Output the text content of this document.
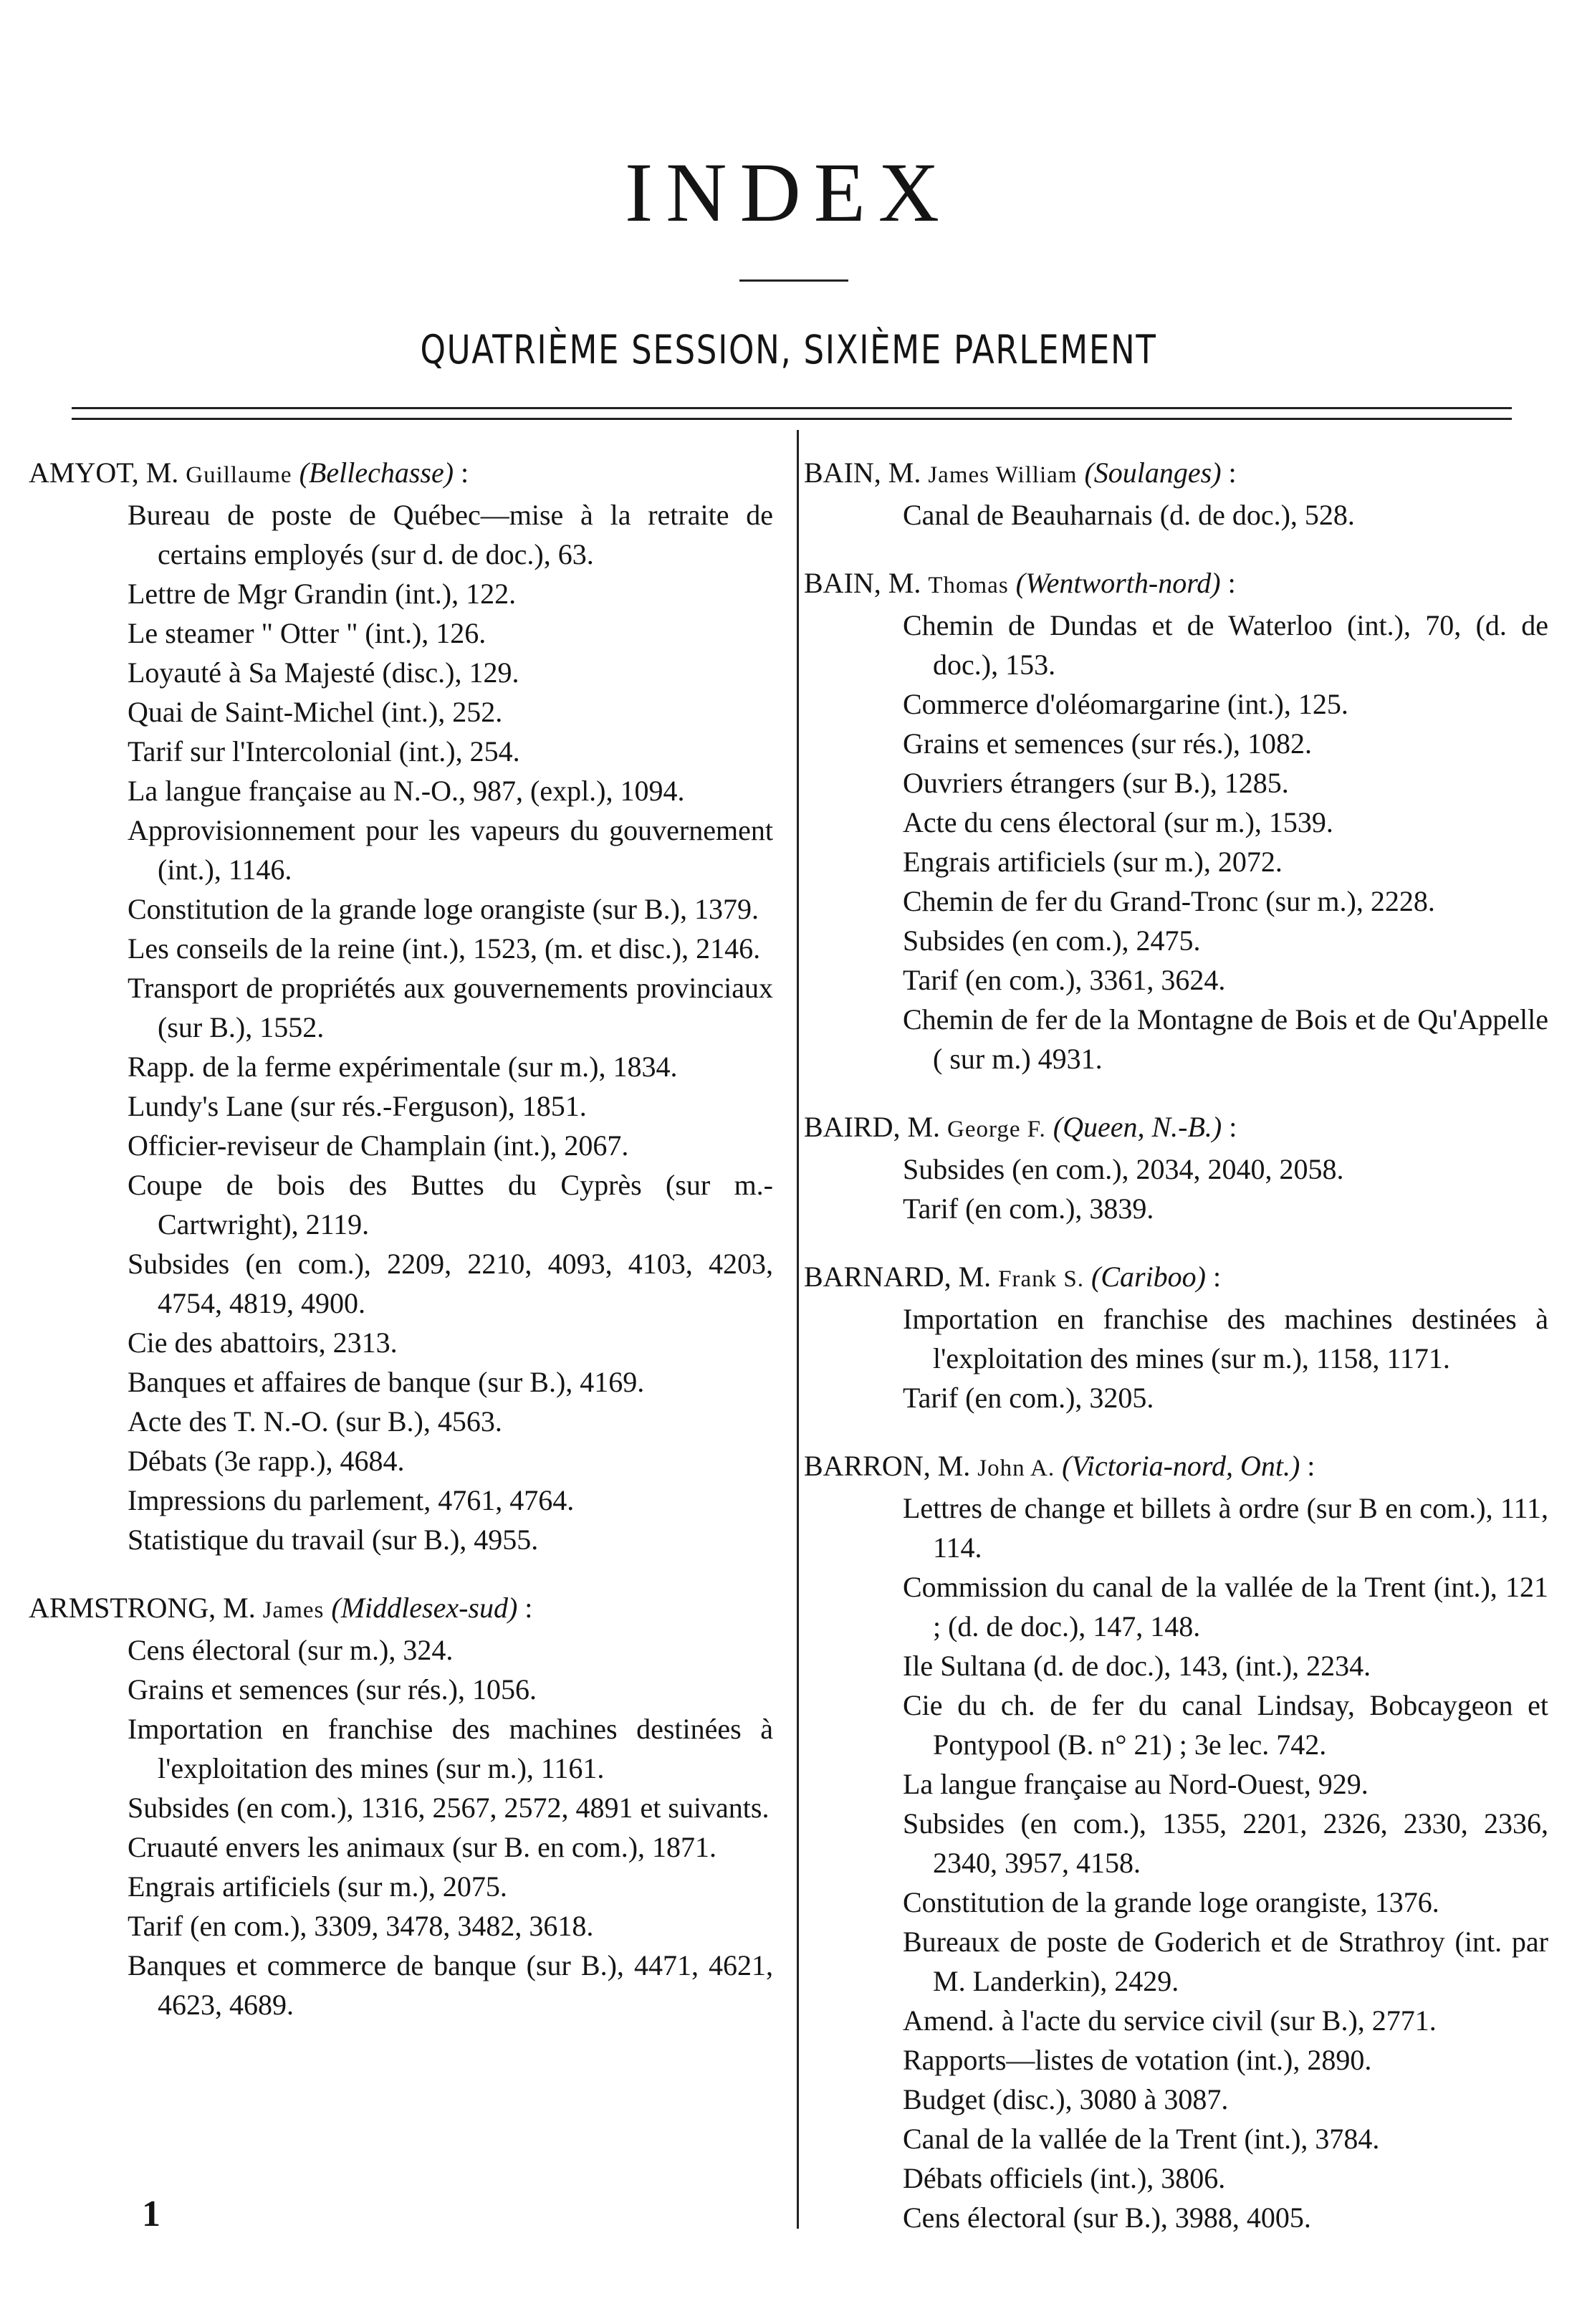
INDEX
QUATRIÈME SESSION, SIXIÈME PARLEMENT
AMYOT, M. Guillaume (Bellechasse) :
Bureau de poste de Québec—mise à la retraite de certains employés (sur d. de doc.), 63.
Lettre de Mgr Grandin (int.), 122.
Le steamer " Otter " (int.), 126.
Loyauté à Sa Majesté (disc.), 129.
Quai de Saint-Michel (int.), 252.
Tarif sur l'Intercolonial (int.), 254.
La langue française au N.-O., 987, (expl.), 1094.
Approvisionnement pour les vapeurs du gouvernement (int.), 1146.
Constitution de la grande loge orangiste (sur B.), 1379.
Les conseils de la reine (int.), 1523, (m. et disc.), 2146.
Transport de propriétés aux gouvernements provinciaux (sur B.), 1552.
Rapp. de la ferme expérimentale (sur m.), 1834.
Lundy's Lane (sur rés.-Ferguson), 1851.
Officier-reviseur de Champlain (int.), 2067.
Coupe de bois des Buttes du Cyprès (sur m.-Cartwright), 2119.
Subsides (en com.), 2209, 2210, 4093, 4103, 4203, 4754, 4819, 4900.
Cie des abattoirs, 2313.
Banques et affaires de banque (sur B.), 4169.
Acte des T. N.-O. (sur B.), 4563.
Débats (3e rapp.), 4684.
Impressions du parlement, 4761, 4764.
Statistique du travail (sur B.), 4955.
ARMSTRONG, M. James (Middlesex-sud) :
Cens électoral (sur m.), 324.
Grains et semences (sur rés.), 1056.
Importation en franchise des machines destinées à l'exploitation des mines (sur m.), 1161.
Subsides (en com.), 1316, 2567, 2572, 4891 et suivants.
Cruauté envers les animaux (sur B. en com.), 1871.
Engrais artificiels (sur m.), 2075.
Tarif (en com.), 3309, 3478, 3482, 3618.
Banques et commerce de banque (sur B.), 4471, 4621, 4623, 4689.
BAIN, M. James William (Soulanges) :
Canal de Beauharnais (d. de doc.), 528.
BAIN, M. Thomas (Wentworth-nord) :
Chemin de Dundas et de Waterloo (int.), 70, (d. de doc.), 153.
Commerce d'oléomargarine (int.), 125.
Grains et semences (sur rés.), 1082.
Ouvriers étrangers (sur B.), 1285.
Acte du cens électoral (sur m.), 1539.
Engrais artificiels (sur m.), 2072.
Chemin de fer du Grand-Tronc (sur m.), 2228.
Subsides (en com.), 2475.
Tarif (en com.), 3361, 3624.
Chemin de fer de la Montagne de Bois et de Qu'Appelle ( sur m.) 4931.
BAIRD, M. George F. (Queen, N.-B.) :
Subsides (en com.), 2034, 2040, 2058.
Tarif (en com.), 3839.
BARNARD, M. Frank S. (Cariboo) :
Importation en franchise des machines destinées à l'exploitation des mines (sur m.), 1158, 1171.
Tarif (en com.), 3205.
BARRON, M. John A. (Victoria-nord, Ont.) :
Lettres de change et billets à ordre (sur B en com.), 111, 114.
Commission du canal de la vallée de la Trent (int.), 121 ; (d. de doc.), 147, 148.
Ile Sultana (d. de doc.), 143, (int.), 2234.
Cie du ch. de fer du canal Lindsay, Bobcaygeon et Pontypool (B. n° 21) ; 3e lec. 742.
La langue française au Nord-Ouest, 929.
Subsides (en com.), 1355, 2201, 2326, 2330, 2336, 2340, 3957, 4158.
Constitution de la grande loge orangiste, 1376.
Bureaux de poste de Goderich et de Strathroy (int. par M. Landerkin), 2429.
Amend. à l'acte du service civil (sur B.), 2771.
Rapports—listes de votation (int.), 2890.
Budget (disc.), 3080 à 3087.
Canal de la vallée de la Trent (int.), 3784.
Débats officiels (int.), 3806.
Cens électoral (sur B.), 3988, 4005.
1
